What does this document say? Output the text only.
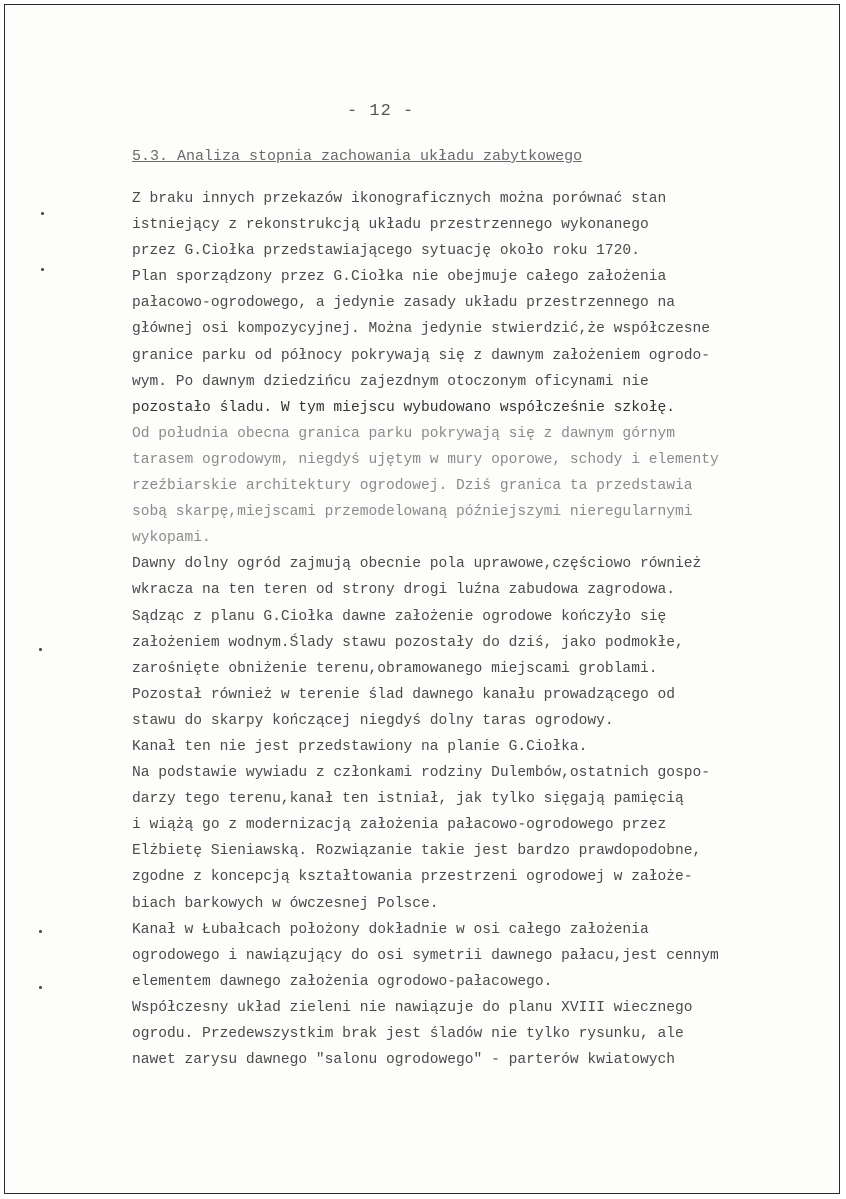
- 12 -
5.3. Analiza stopnia zachowania układu zabytkowego
Z braku innych przekazów ikonograficznych można porównać stan
istniejący z rekonstrukcją układu przestrzennego wykonanego
przez G.Ciołka przedstawiającego sytuację około roku 1720.
Plan sporządzony przez G.Ciołka nie obejmuje całego założenia
pałacowo-ogrodowego, a jedynie zasady układu przestrzennego na
głównej osi kompozycyjnej. Można jedynie stwierdzić,że współczesne
granice parku od północy pokrywają się z dawnym założeniem ogrodo-
wym. Po dawnym dziedzińcu zajezdnym otoczonym oficynami nie
pozostało śladu. W tym miejscu wybudowano współcześnie szkołę.
Od południa obecna granica parku pokrywają się z dawnym górnym
tarasem ogrodowym, niegdyś ujętym w mury oporowe, schody i elementy
rzeźbiarskie architektury ogrodowej. Dziś granica ta przedstawia
sobą skarpę,miejscami przemodelowaną późniejszymi nieregularnymi
wykopami.
Dawny dolny ogród zajmują obecnie pola uprawowe,częściowo również
wkracza na ten teren od strony drogi luźna zabudowa zagrodowa.
Sądząc z planu G.Ciołka dawne założenie ogrodowe kończyło się
założeniem wodnym.Ślady stawu pozostały do dziś, jako podmokłe,
zarośnięte obniżenie terenu,obramowanego miejscami groblami.
Pozostał również w terenie ślad dawnego kanału prowadzącego od
stawu do skarpy kończącej niegdyś dolny taras ogrodowy.
Kanał ten nie jest przedstawiony na planie G.Ciołka.
Na podstawie wywiadu z członkami rodziny Dulembów,ostatnich gospo-
darzy tego terenu,kanał ten istniał, jak tylko sięgają pamięcią
i wiążą go z modernizacją założenia pałacowo-ogrodowego przez
Elżbietę Sieniawską. Rozwiązanie takie jest bardzo prawdopodobne,
zgodne z koncepcją kształtowania przestrzeni ogrodowej w założe-
biach barkowych w ówczesnej Polsce.
Kanał w Łubałcach położony dokładnie w osi całego założenia
ogrodowego i nawiązujący do osi symetrii dawnego pałacu,jest cennym
elementem dawnego założenia ogrodowo-pałacowego.
Współczesny układ zieleni nie nawiązuje do planu XVIII wiecznego
ogrodu. Przedewszystkim brak jest śladów nie tylko rysunku, ale
nawet zarysu dawnego "salonu ogrodowego" - parterów kwiatowych
